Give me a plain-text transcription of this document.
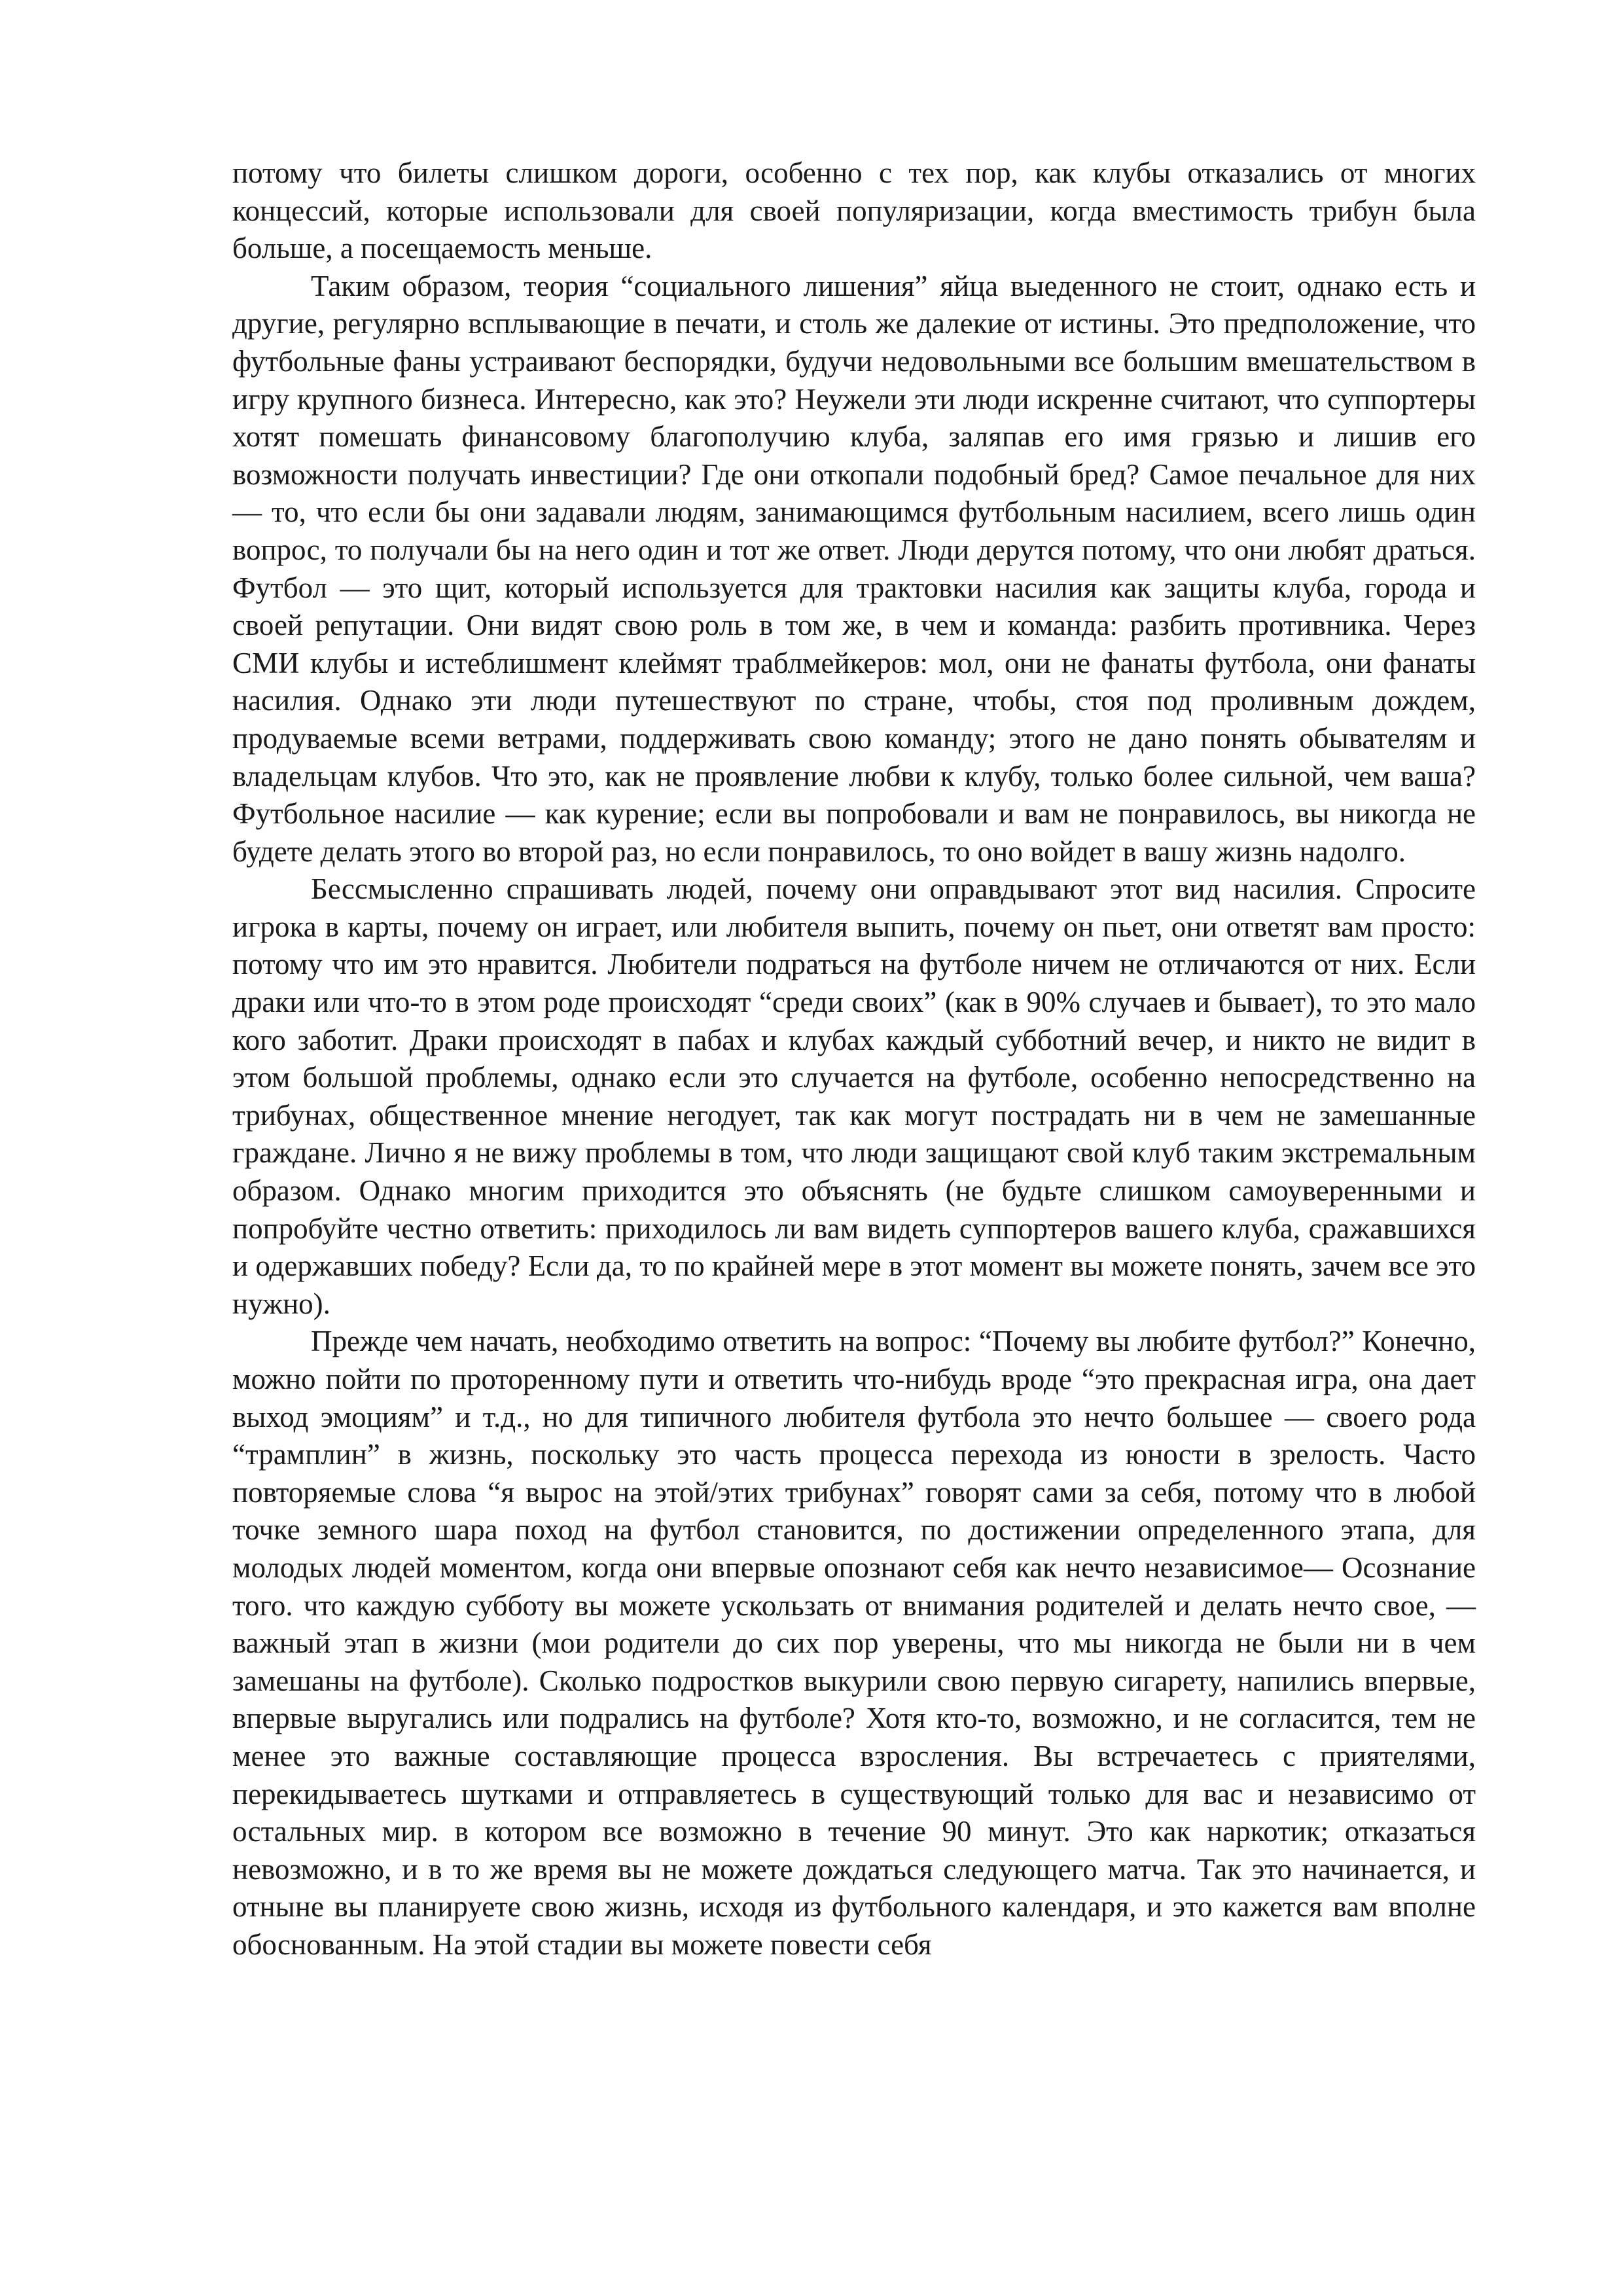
потому что билеты слишком дороги, особенно с тех пор, как клубы отказались от многих концессий, которые использовали для своей популяризации, когда вместимость трибун была больше, а посещаемость меньше.

Таким образом, теория “социального лишения” яйца выеденного не стоит, однако есть и другие, регулярно всплывающие в печати, и столь же далекие от истины. Это предположение, что футбольные фаны устраивают беспорядки, будучи недовольными все большим вмешательством в игру крупного бизнеса. Интересно, как это? Неужели эти люди искренне считают, что суппортеры хотят помешать финансовому благополучию клуба, заляпав его имя грязью и лишив его возможности получать инвестиции? Где они откопали подобный бред? Самое печальное для них — то, что если бы они задавали людям, занимающимся футбольным насилием, всего лишь один вопрос, то получали бы на него один и тот же ответ. Люди дерутся потому, что они любят драться. Футбол — это щит, который используется для трактовки насилия как защиты клуба, города и своей репутации. Они видят свою роль в том же, в чем и команда: разбить противника. Через СМИ клубы и истеблишмент клеймят траблмейкеров: мол, они не фанаты футбола, они фанаты насилия. Однако эти люди путешествуют по стране, чтобы, стоя под проливным дождем, продуваемые всеми ветрами, поддерживать свою команду; этого не дано понять обывателям и владельцам клубов. Что это, как не проявление любви к клубу, только более сильной, чем ваша? Футбольное насилие — как курение; если вы попробовали и вам не понравилось, вы никогда не будете делать этого во второй раз, но если понравилось, то оно войдет в вашу жизнь надолго.

Бессмысленно спрашивать людей, почему они оправдывают этот вид насилия. Спросите игрока в карты, почему он играет, или любителя выпить, почему он пьет, они ответят вам просто: потому что им это нравится. Любители подраться на футболе ничем не отличаются от них. Если драки или что-то в этом роде происходят “среди своих” (как в 90% случаев и бывает), то это мало кого заботит. Драки происходят в пабах и клубах каждый субботний вечер, и никто не видит в этом большой проблемы, однако если это случается на футболе, особенно непосредственно на трибунах, общественное мнение негодует, так как могут пострадать ни в чем не замешанные граждане. Лично я не вижу проблемы в том, что люди защищают свой клуб таким экстремальным образом. Однако многим приходится это объяснять (не будьте слишком самоуверенными и попробуйте честно ответить: приходилось ли вам видеть суппортеров вашего клуба, сражавшихся и одержавших победу? Если да, то по крайней мере в этот момент вы можете понять, зачем все это нужно).

Прежде чем начать, необходимо ответить на вопрос: “Почему вы любите футбол?” Конечно, можно пойти по проторенному пути и ответить что-нибудь вроде “это прекрасная игра, она дает выход эмоциям” и т.д., но для типичного любителя футбола это нечто большее — своего рода “трамплин” в жизнь, поскольку это часть процесса перехода из юности в зрелость. Часто повторяемые слова “я вырос на этой/этих трибунах” говорят сами за себя, потому что в любой точке земного шара поход на футбол становится, по достижении определенного этапа, для молодых людей моментом, когда они впервые опознают себя как нечто независимое— Осознание того. что каждую субботу вы можете ускользать от внимания родителей и делать нечто свое, — важный этап в жизни (мои родители до сих пор уверены, что мы никогда не были ни в чем замешаны на футболе). Сколько подростков выкурили свою первую сигарету, напились впервые, впервые выругались или подрались на футболе? Хотя кто-то, возможно, и не согласится, тем не менее это важные составляющие процесса взросления. Вы встречаетесь с приятелями, перекидываетесь шутками и отправляетесь в существующий только для вас и независимо от остальных мир. в котором все возможно в течение 90 минут. Это как наркотик; отказаться невозможно, и в то же время вы не можете дождаться следующего матча. Так это начинается, и отныне вы планируете свою жизнь, исходя из футбольного календаря, и это кажется вам вполне обоснованным. На этой стадии вы можете повести себя
